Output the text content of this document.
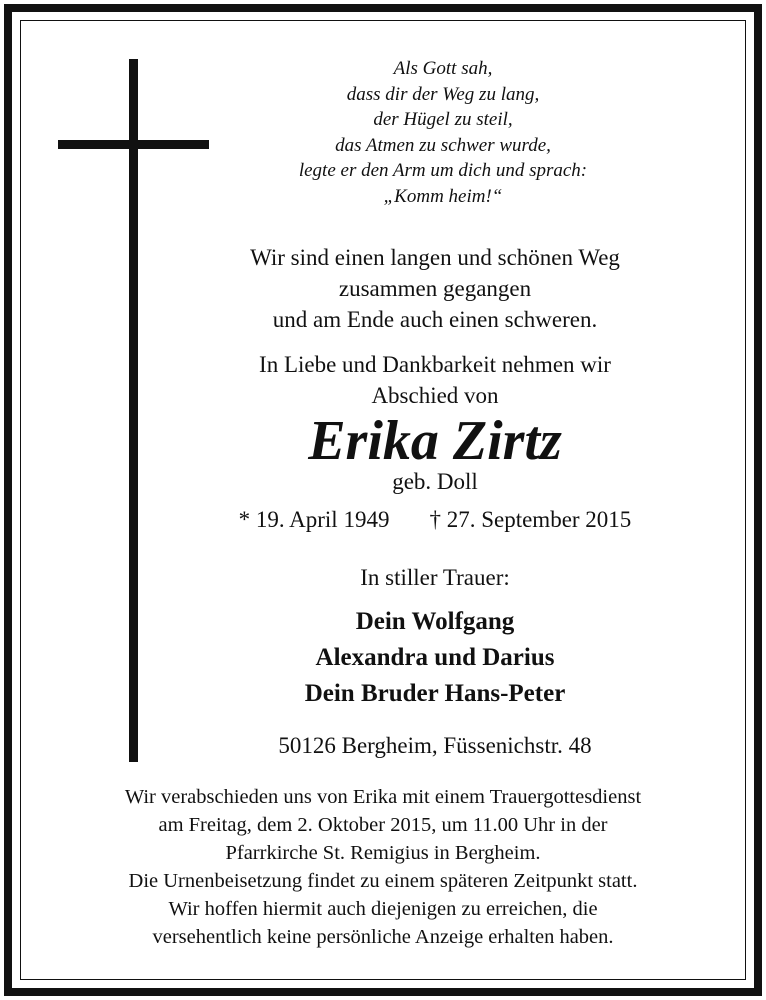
Als Gott sah,
dass dir der Weg zu lang,
der Hügel zu steil,
das Atmen zu schwer wurde,
legte er den Arm um dich und sprach:
„Komm heim!“
Wir sind einen langen und schönen Weg
zusammen gegangen
und am Ende auch einen schweren.
In Liebe und Dankbarkeit nehmen wir
Abschied von
Erika Zirtz
geb. Doll
* 19. April 1949 † 27. September 2015
In stiller Trauer:
Dein Wolfgang
Alexandra und Darius
Dein Bruder Hans-Peter
50126 Bergheim, Füssenichstr. 48
Wir verabschieden uns von Erika mit einem Trauergottesdienst
am Freitag, dem 2. Oktober 2015, um 11.00 Uhr in der
Pfarrkirche St. Remigius in Bergheim.
Die Urnenbeisetzung findet zu einem späteren Zeitpunkt statt.
Wir hoffen hiermit auch diejenigen zu erreichen, die
versehentlich keine persönliche Anzeige erhalten haben.
